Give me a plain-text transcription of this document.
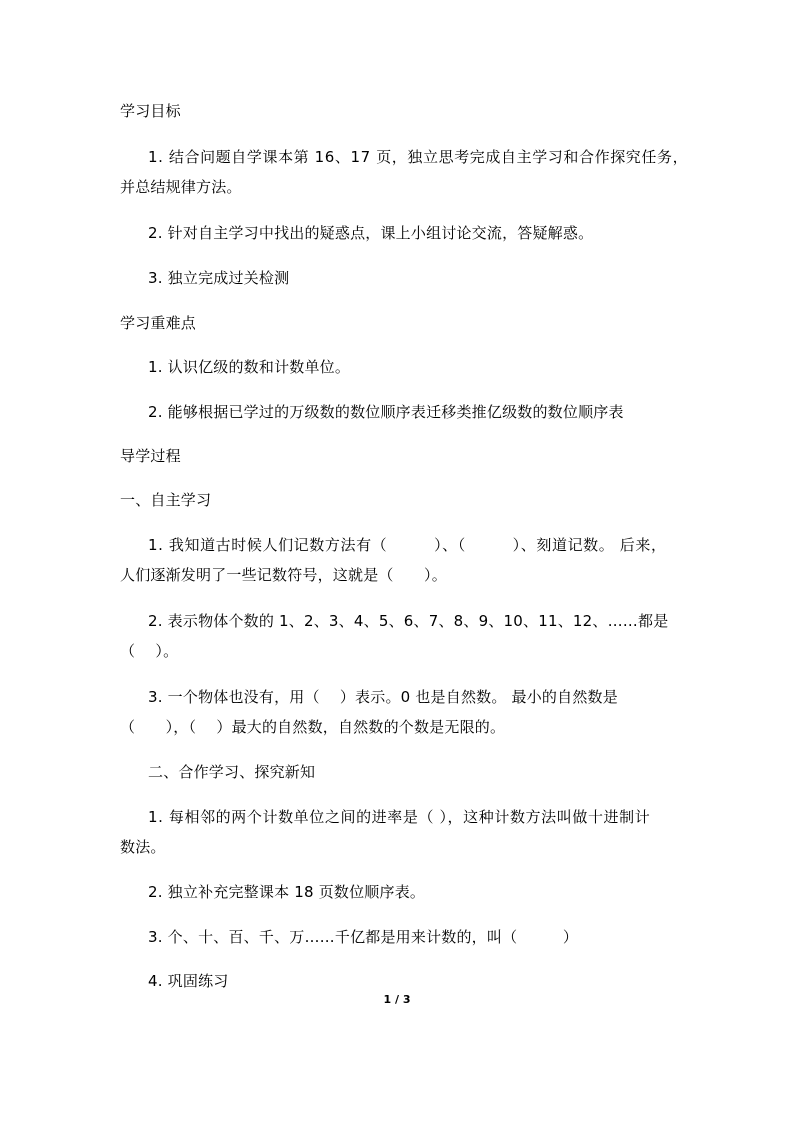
学习目标
1. 结合问题自学课本第 16、17 页，独立思考完成自主学习和合作探究任务，
并总结规律方法。
2. 针对自主学习中找出的疑惑点，课上小组讨论交流，答疑解惑。
3. 独立完成过关检测
学习重难点
1. 认识亿级的数和计数单位。
2. 能够根据已学过的万级数的数位顺序表迁移类推亿级数的数位顺序表
导学过程
一、自主学习
1. 我知道古时候人们记数方法有（　　　）、（　　　）、刻道记数。 后来，
人们逐渐发明了一些记数符号，这就是（　　）。
2. 表示物体个数的 1、2、3、4、5、6、7、8、9、10、11、12、……都是
（　 ）。
3. 一个物体也没有，用（　 ）表示。0 也是自然数。 最小的自然数是
（　　），（　 ）最大的自然数，自然数的个数是无限的。
二、合作学习、探究新知
1. 每相邻的两个计数单位之间的进率是（ ），这种计数方法叫做十进制计
数法。
2. 独立补充完整课本 18 页数位顺序表。
3. 个、十、百、千、万……千亿都是用来计数的，叫（　　　）
4. 巩固练习
1 / 3
